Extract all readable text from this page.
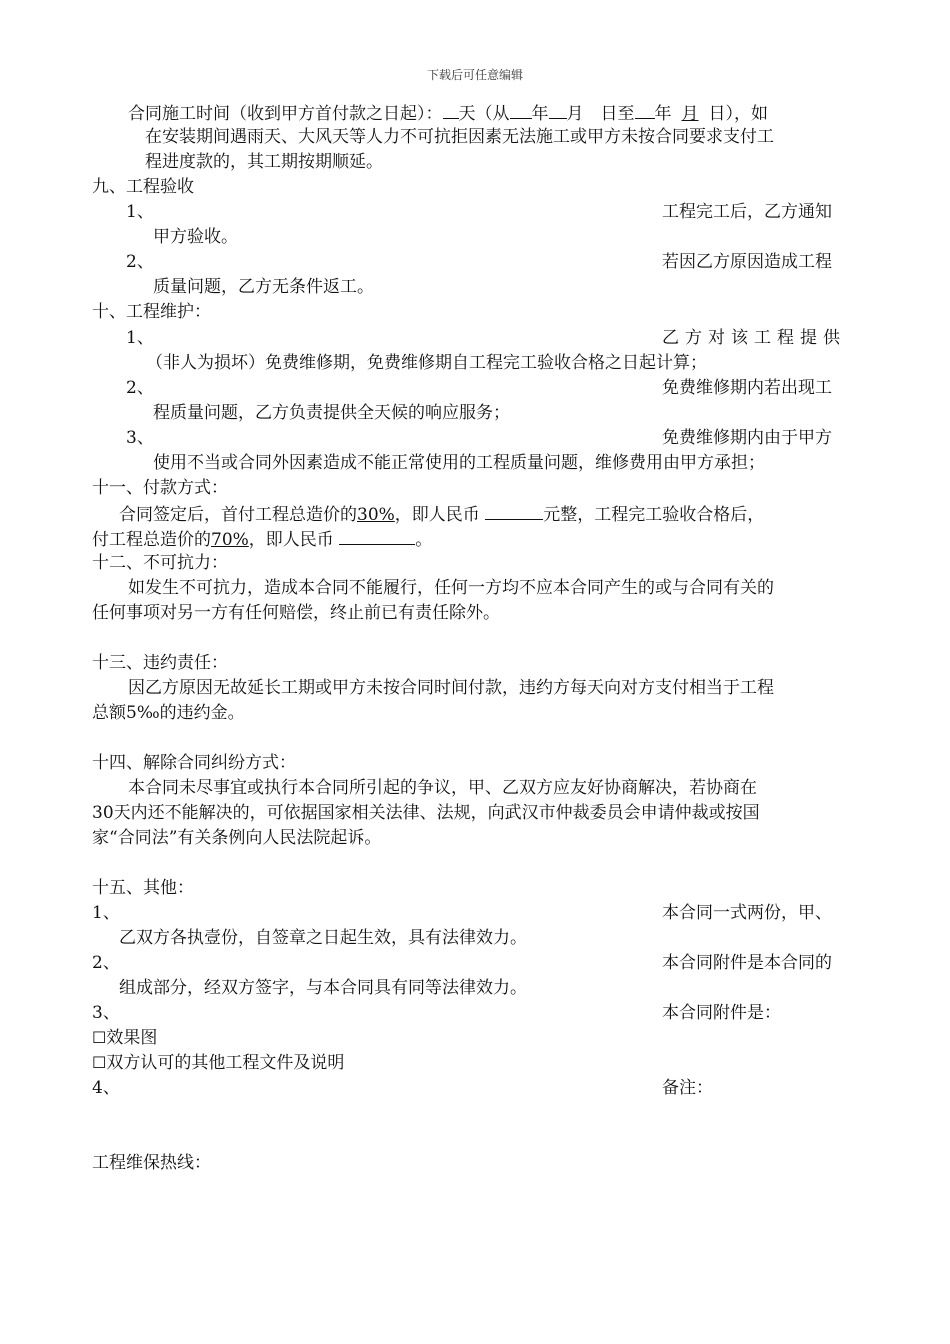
下载后可任意编辑
合同施工时间（收到甲方首付款之日起）： 天（从 年 月　日至 年 月 日），如
在安装期间遇雨天、大风天等人力不可抗拒因素无法施工或甲方未按合同要求支付工
程进度款的，其工期按期顺延。
九、工程验收
1、	工程完工后，乙方通知
甲方验收。
2、	若因乙方原因造成工程
质量问题，乙方无条件返工。
十、工程维护：
1、	乙方对该工程提供
（非人为损坏）免费维修期，免费维修期自工程完工验收合格之日起计算；
2、	免费维修期内若出现工
程质量问题，乙方负责提供全天候的响应服务；
3、	免费维修期内由于甲方
使用不当或合同外因素造成不能正常使用的工程质量问题，维修费用由甲方承担；
十一、付款方式：
合同签定后，首付工程总造价的30%，即人民币	元整，工程完工验收合格后，
付工程总造价的70%，即人民币	。
十二、不可抗力：
如发生不可抗力，造成本合同不能履行，任何一方均不应本合同产生的或与合同有关的
任何事项对另一方有任何赔偿，终止前已有责任除外。
十三、违约责任：
因乙方原因无故延长工期或甲方未按合同时间付款，违约方每天向对方支付相当于工程
总额5‰的违约金。
十四、解除合同纠纷方式：
本合同未尽事宜或执行本合同所引起的争议，甲、乙双方应友好协商解决，若协商在
30天内还不能解决的，可依据国家相关法律、法规，向武汉市仲裁委员会申请仲裁或按国
家“合同法”有关条例向人民法院起诉。
十五、其他：
1、	本合同一式两份，甲、
乙双方各执壹份，自签章之日起生效，具有法律效力。
2、	本合同附件是本合同的
组成部分，经双方签字，与本合同具有同等法律效力。
3、	本合同附件是：
☐效果图
☐双方认可的其他工程文件及说明
4、	备注：
工程维保热线：
